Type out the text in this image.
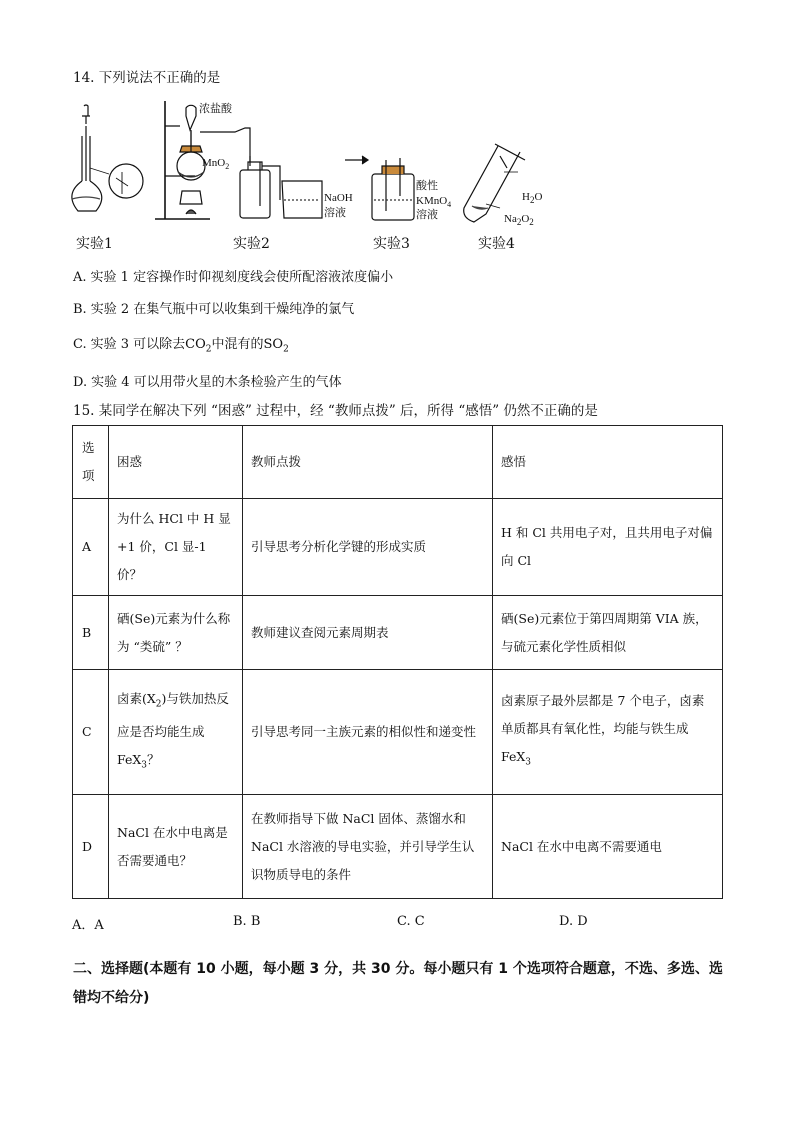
14. 下列说法不正确的是
浓盐酸
MnO$_2$
NaOH
溶液
酸性
KMnO$_4$
溶液
$H_2O$
$Na_2O_2$
实验1	实验2	实验3	实验4
A. 实验 1 定容操作时仰视刻度线会使所配溶液浓度偏小
B. 实验 2 在集气瓶中可以收集到干燥纯净的氯气
C. 实验 3 可以除去$CO_2$中混有的$SO_2$
D. 实验 4 可以用带火星的木条检验产生的气体
15. 某同学在解决下列 “困惑” 过程中，经 “教师点拨” 后，所得 “感悟” 仍然不正确的是
选项	困惑	教师点拨	感悟
A	为什么 HCl 中 H 显 +1 价，Cl 显-1 价？	引导思考分析化学键的形成实质	H 和 Cl 共用电子对，且共用电子对偏向 Cl
B	硒(Se)元素为什么称为 “类硫” ？	教师建议查阅元素周期表	硒(Se)元素位于第四周期第 VIA 族，与硫元素化学性质相似
C	卤素$(X_2)$与铁加热反应是否均能生成 FeX$_3$？	引导思考同一主族元素的相似性和递变性	卤素原子最外层都是 7 个电子，卤素单质都具有氧化性，均能与铁生成 FeX$_3$
D	NaCl 在水中电离是否需要通电？	在教师指导下做 NaCl 固体、蒸馏水和 NaCl 水溶液的导电实验，并引导学生认识物质导电的条件	NaCl 在水中电离不需要通电
A．A	B. B	C. C	D. D
二、选择题(本题有 10 小题，每小题 3 分，共 30 分。每小题只有 1 个选项符合题意，不选、多选、选错均不给分)
